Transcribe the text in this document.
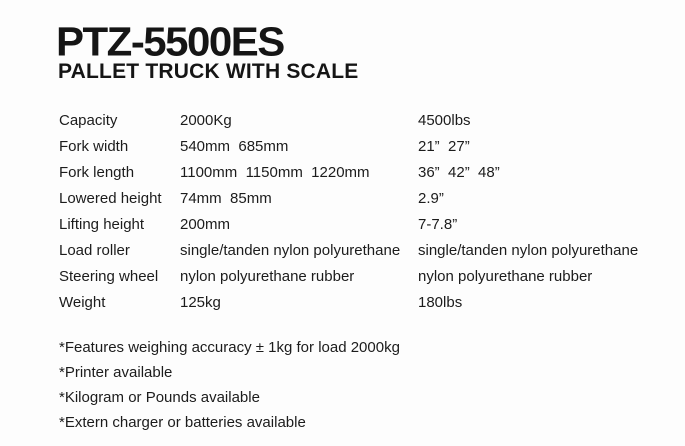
PTZ-5500ES
PALLET TRUCK WITH SCALE
Capacity	2000Kg	4500lbs
Fork width	540mm  685mm	21”  27”
Fork length	1100mm  1150mm  1220mm	36”  42”  48”
Lowered height	74mm  85mm	2.9”
Lifting height	200mm	7-7.8”
Load roller	single/tanden nylon polyurethane	single/tanden nylon polyurethane
Steering wheel	nylon polyurethane rubber	nylon polyurethane rubber
Weight	125kg	180lbs
*Features weighing accuracy ± 1kg for load 2000kg
*Printer available
*Kilogram or Pounds available
*Extern charger or batteries available
